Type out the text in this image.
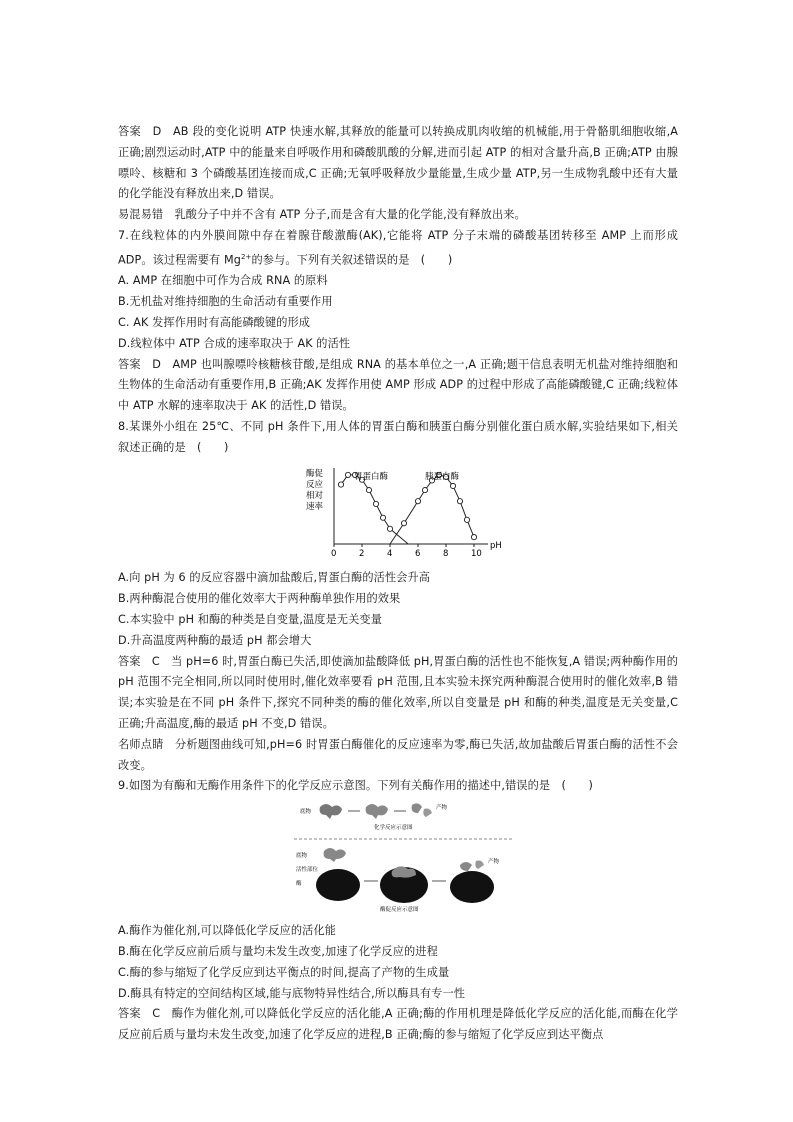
答案　D　AB 段的变化说明 ATP 快速水解,其释放的能量可以转换成肌肉收缩的机械能,用于骨骼肌细胞收缩,A 正确;剧烈运动时,ATP 中的能量来自呼吸作用和磷酸肌酸的分解,进而引起 ATP 的相对含量升高,B 正确;ATP 由腺嘌呤、核糖和 3 个磷酸基团连接而成,C 正确;无氧呼吸释放少量能量,生成少量 ATP,另一生成物乳酸中还有大量的化学能没有释放出来,D 错误。

易混易错　乳酸分子中并不含有 ATP 分子,而是含有大量的化学能,没有释放出来。

7.在线粒体的内外膜间隙中存在着腺苷酸激酶(AK),它能将 ATP 分子末端的磷酸基团转移至 AMP 上而形成 ADP。该过程需要有 $Mg^{2+}$的参与。下列有关叙述错误的是　(　　)

A. AMP 在细胞中可作为合成 RNA 的原料

B.无机盐对维持细胞的生命活动有重要作用

C. AK 发挥作用时有高能磷酸键的形成

D.线粒体中 ATP 合成的速率取决于 AK 的活性

答案　D　AMP 也叫腺嘌呤核糖核苷酸,是组成 RNA 的基本单位之一,A 正确;题干信息表明无机盐对维持细胞和生物体的生命活动有重要作用,B 正确;AK 发挥作用使 AMP 形成 ADP 的过程中形成了高能磷酸键,C 正确;线粒体中 ATP 水解的速率取决于 AK 的活性,D 错误。

8.某课外小组在 25℃、不同 pH 条件下,用人体的胃蛋白酶和胰蛋白酶分别催化蛋白质水解,实验结果如下,相关叙述正确的是　(　　)

酶促
反应
相对
速率
0	2	4	6	8	10
胃蛋白酶	胰蛋白酶
pH

A.向 pH 为 6 的反应容器中滴加盐酸后,胃蛋白酶的活性会升高

B.两种酶混合使用的催化效率大于两种酶单独作用的效果

C.本实验中 pH 和酶的种类是自变量,温度是无关变量

D.升高温度两种酶的最适 pH 都会增大

答案　C　当 pH=6 时,胃蛋白酶已失活,即使滴加盐酸降低 pH,胃蛋白酶的活性也不能恢复,A 错误;两种酶作用的 pH 范围不完全相同,所以同时使用时,催化效率要看 pH 范围,且本实验未探究两种酶混合使用时的催化效率,B 错误;本实验是在不同 pH 条件下,探究不同种类的酶的催化效率,所以自变量是 pH 和酶的种类,温度是无关变量,C 正确;升高温度,酶的最适 pH 不变,D 错误。

名师点睛　分析题图曲线可知,pH=6 时胃蛋白酶催化的反应速率为零,酶已失活,故加盐酸后胃蛋白酶的活性不会改变。

9.如图为有酶和无酶作用条件下的化学反应示意图。下列有关酶作用的描述中,错误的是　(　　)

底物
产物
化学反应示意图
底物
活性部位
酶
产物
酶促反应示意图

A.酶作为催化剂,可以降低化学反应的活化能

B.酶在化学反应前后质与量均未发生改变,加速了化学反应的进程

C.酶的参与缩短了化学反应到达平衡点的时间,提高了产物的生成量

D.酶具有特定的空间结构区域,能与底物特异性结合,所以酶具有专一性

答案　C　酶作为催化剂,可以降低化学反应的活化能,A 正确;酶的作用机理是降低化学反应的活化能,而酶在化学反应前后质与量均未发生改变,加速了化学反应的进程,B 正确;酶的参与缩短了化学反应到达平衡点
